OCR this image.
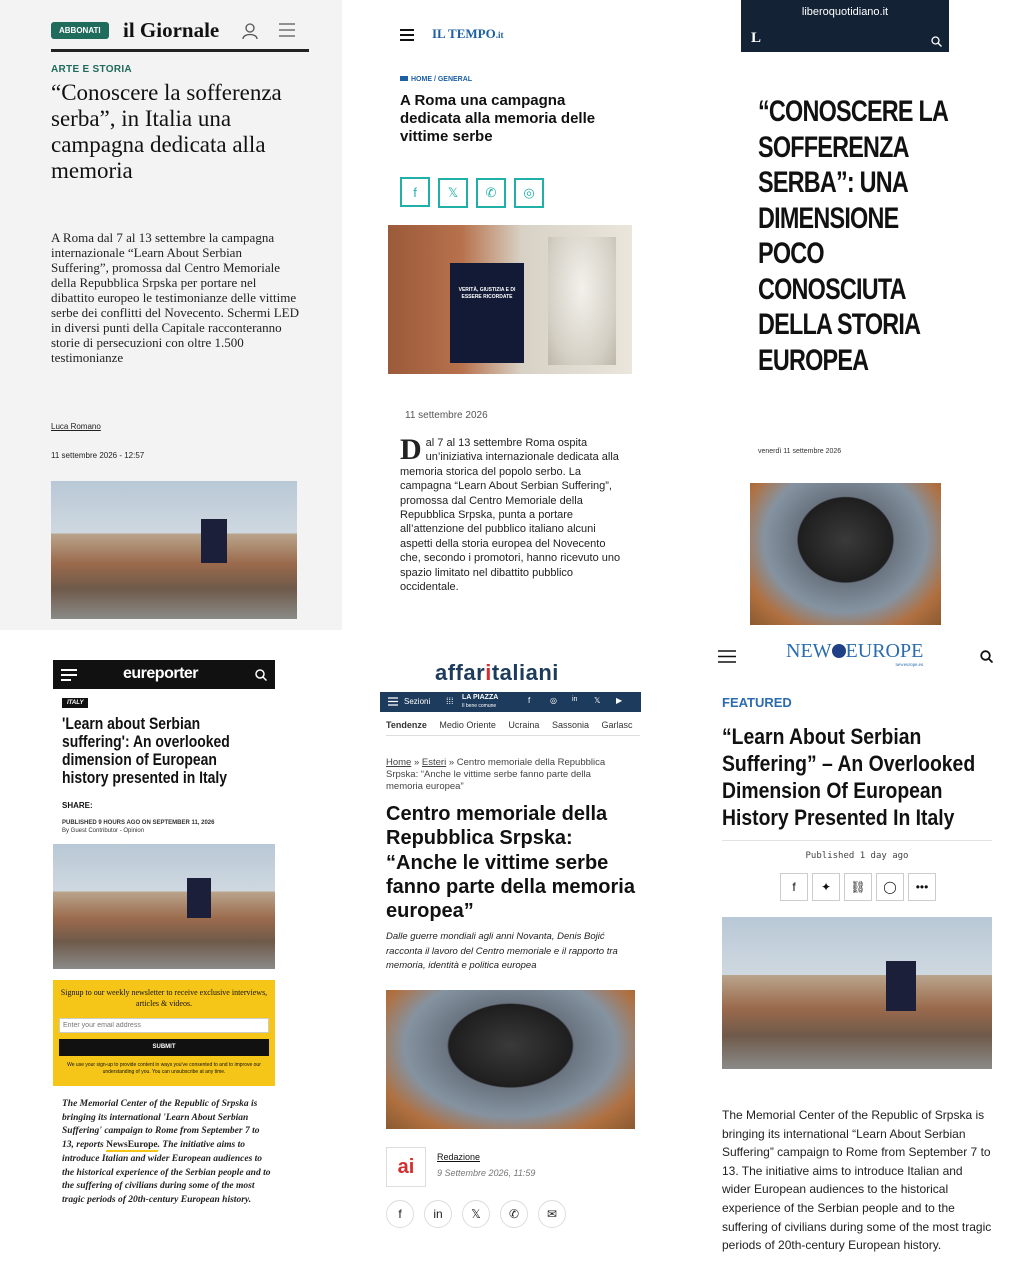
ABBONATI	il Giornale
ARTE E STORIA
“Conoscere la sofferenza serba”, in Italia una campagna dedicata alla memoria

A Roma dal 7 al 13 settembre la campagna internazionale “Learn About Serbian Suffering”, promossa dal Centro Memoriale della Repubblica Srpska per portare nel dibattito europeo le testimonianze delle vittime serbe dei conflitti del Novecento. Schermi LED in diversi punti della Capitale racconteranno storie di persecuzioni con oltre 1.500 testimonianze

Luca Romano
11 settembre 2026 - 12:57
IL TEMPO.it
HOME / GENERAL
A Roma una campagna dedicata alla memoria delle vittime serbe
f 𝕏 ✆ ◎
VERITÀ, GIUSTIZIA E DI ESSERE RICORDATE
11 settembre 2026
Dal 7 al 13 settembre Roma ospita un’iniziativa internazionale dedicata alla memoria storica del popolo serbo. La campagna “Learn About Serbian Suffering”, promossa dal Centro Memoriale della Repubblica Srpska, punta a portare all’attenzione del pubblico italiano alcuni aspetti della storia europea del Novecento che, secondo i promotori, hanno ricevuto uno spazio limitato nel dibattito pubblico occidentale.
liberoquotidiano.it
L
“CONOSCERE LA SOFFERENZA SERBA”: UNA DIMENSIONE POCO CONOSCIUTA DELLA STORIA EUROPEA
venerdì 11 settembre 2026
eureporter
ITALY
'Learn about Serbian suffering': An overlooked dimension of European history presented in Italy
SHARE:
PUBLISHED 9 HOURS AGO ON SEPTEMBER 11, 2026
By Guest Contributor - Opinion
Signup to our weekly newsletter to receive exclusive interviews, articles & videos.
Enter your email address
SUBMIT
We use your sign-up to provide content in ways you've consented to and to improve our understanding of you. You can unsubscribe at any time.

The Memorial Center of the Republic of Srpska is bringing its international 'Learn About Serbian Suffering' campaign to Rome from September 7 to 13, reports NewsEurope. The initiative aims to introduce Italian and wider European audiences to the historical experience of the Serbian people and to the suffering of civilians during some of the most tragic periods of 20th-century European history.

affaritaliani
Sezioni ⁞⁞⁞ LA PIAZZA
Il bene comune
f ◎ in 𝕏 ▶
Tendenze Medio Oriente Ucraina Sassonia Garlasc
Home » Esteri » Centro memoriale della Repubblica Srpska: “Anche le vittime serbe fanno parte della memoria europea”
Centro memoriale della Repubblica Srpska: “Anche le vittime serbe fanno parte della memoria europea”

Dalle guerre mondiali agli anni Novanta, Denis Bojić racconta il lavoro del Centro memoriale e il rapporto tra memoria, identità e politica europea

ai	Redazione
9 Settembre 2026, 11:59
f	in 𝕏 ✆ ✉
NEW EUROPE
neweurope.eu
FEATURED
“Learn About Serbian Suffering” – An Overlooked Dimension Of European History Presented In Italy
Published 1 day ago
f ✦ ⛓ ◯ •••

The Memorial Center of the Republic of Srpska is bringing its international “Learn About Serbian Suffering” campaign to Rome from September 7 to 13. The initiative aims to introduce Italian and wider European audiences to the historical experience of the Serbian people and to the suffering of civilians during some of the most tragic periods of 20th-century European history.
